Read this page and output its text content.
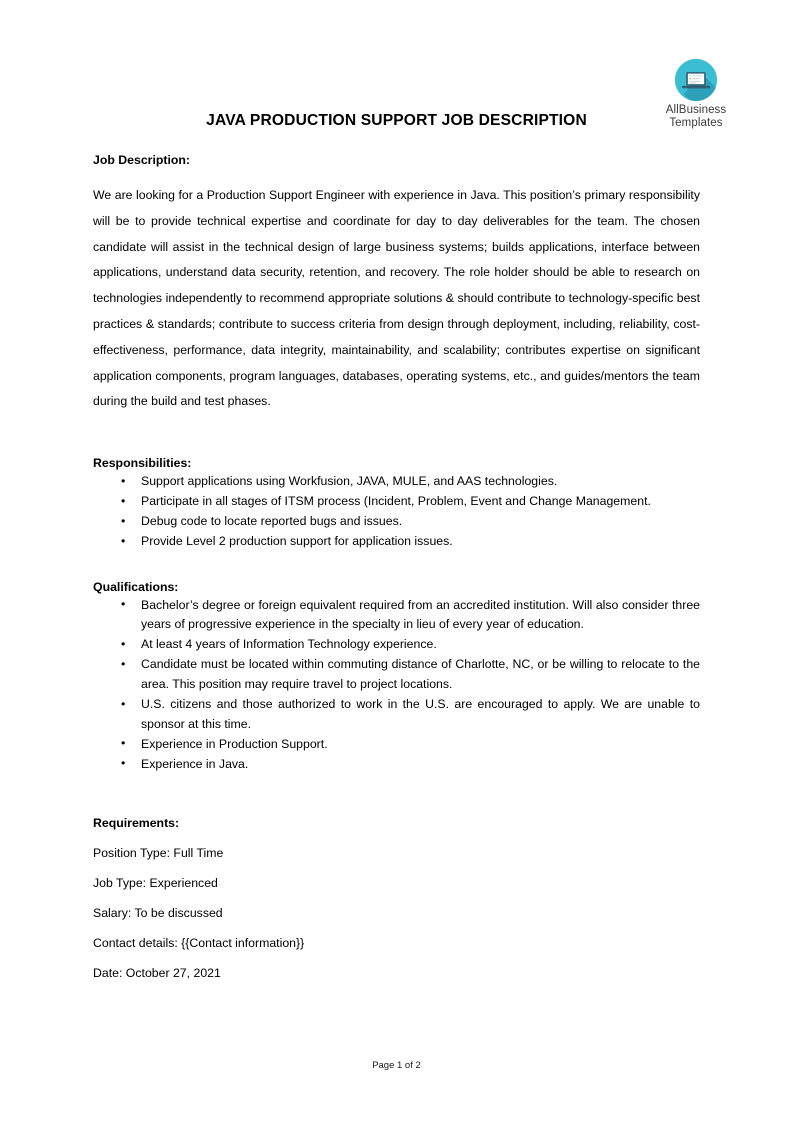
AllBusiness
Templates
JAVA PRODUCTION SUPPORT JOB DESCRIPTION
Job Description:

We are looking for a Production Support Engineer with experience in Java. This position’s primary responsibility will be to provide technical expertise and coordinate for day to day deliverables for the team. The chosen candidate will assist in the technical design of large business systems; builds applications, interface between applications, understand data security, retention, and recovery. The role holder should be able to research on technologies independently to recommend appropriate solutions & should contribute to technology-specific best practices & standards; contribute to success criteria from design through deployment, including, reliability, cost-effectiveness, performance, data integrity, maintainability, and scalability; contributes expertise on significant application components, program languages, databases, operating systems, etc., and guides/mentors the team during the build and test phases.

Responsibilities:
• Support applications using Workfusion, JAVA, MULE, and AAS technologies.
• Participate in all stages of ITSM process (Incident, Problem, Event and Change Management.
• Debug code to locate reported bugs and issues.
• Provide Level 2 production support for application issues.
Qualifications:
• Bachelor’s degree or foreign equivalent required from an accredited institution. Will also consider three years of progressive experience in the specialty in lieu of every year of education.
• At least 4 years of Information Technology experience.
• Candidate must be located within commuting distance of Charlotte, NC, or be willing to relocate to the area. This position may require travel to project locations.
• U.S. citizens and those authorized to work in the U.S. are encouraged to apply. We are unable to sponsor at this time.
• Experience in Production Support.
• Experience in Java.
Requirements:

Position Type: Full Time

Job Type: Experienced

Salary: To be discussed

Contact details: {{Contact information}}

Date: October 27, 2021

Page 1 of 2
